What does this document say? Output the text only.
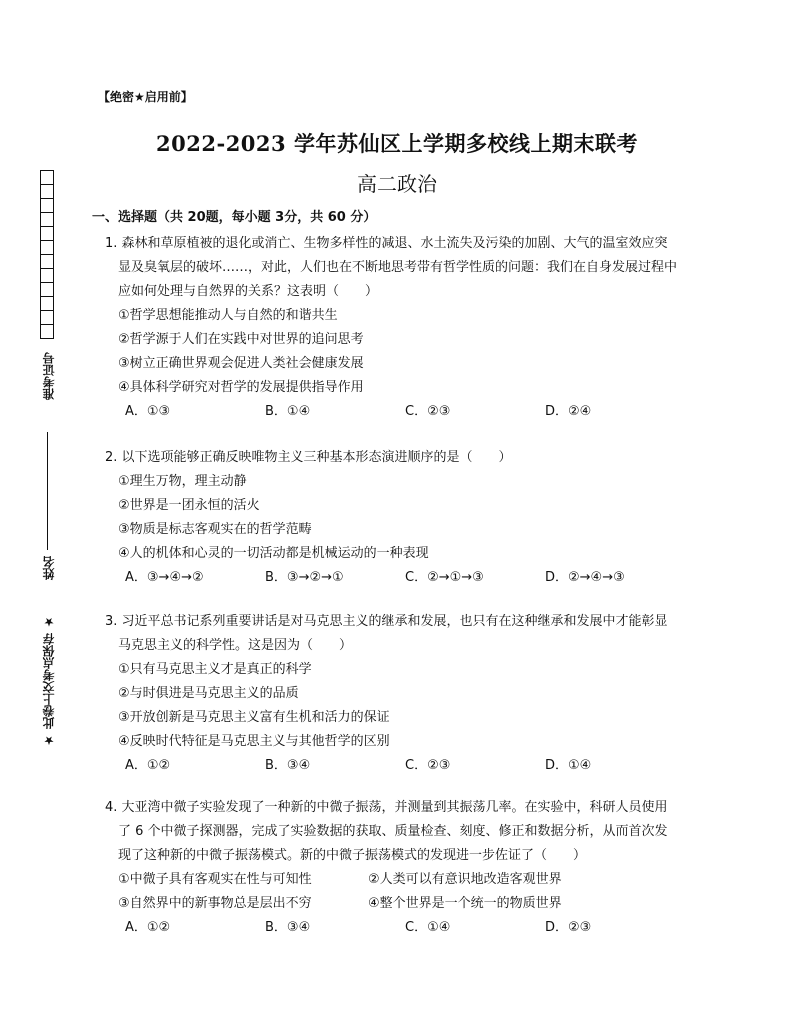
准考证号
姓名
★ 此卷上交考点保存 ★
【绝密★启用前】
2022-2023 学年苏仙区上学期多校线上期末联考
高二政治
一、选择题（共 20题，每小题 3分，共 60 分）
1. 森林和草原植被的退化或消亡、生物多样性的减退、水土流失及污染的加剧、大气的温室效应突
显及臭氧层的破坏……，对此，人们也在不断地思考带有哲学性质的问题：我们在自身发展过程中
应如何处理与自然界的关系？这表明（　　）
①哲学思想能推动人与自然的和谐共生
②哲学源于人们在实践中对世界的追问思考
③树立正确世界观会促进人类社会健康发展
④具体科学研究对哲学的发展提供指导作用
A．①③	B．①④	C．②③	D．②④
2. 以下选项能够正确反映唯物主义三种基本形态演进顺序的是（　　）
①理生万物，理主动静
②世界是一团永恒的活火
③物质是标志客观实在的哲学范畴
④人的机体和心灵的一切活动都是机械运动的一种表现
A．③→④→②	B．③→②→①	C．②→①→③	D．②→④→③
3. 习近平总书记系列重要讲话是对马克思主义的继承和发展，也只有在这种继承和发展中才能彰显
马克思主义的科学性。这是因为（　　）
①只有马克思主义才是真正的科学
②与时俱进是马克思主义的品质
③开放创新是马克思主义富有生机和活力的保证
④反映时代特征是马克思主义与其他哲学的区别
A．①②	B．③④	C．②③	D．①④
4. 大亚湾中微子实验发现了一种新的中微子振荡，并测量到其振荡几率。在实验中，科研人员使用
了 6 个中微子探测器，完成了实验数据的获取、质量检查、刻度、修正和数据分析，从而首次发
现了这种新的中微子振荡模式。新的中微子振荡模式的发现进一步佐证了（　　）
①中微子具有客观实在性与可知性	②人类可以有意识地改造客观世界
③自然界中的新事物总是层出不穷	④整个世界是一个统一的物质世界
A．①②	B．③④	C．①④	D．②③
